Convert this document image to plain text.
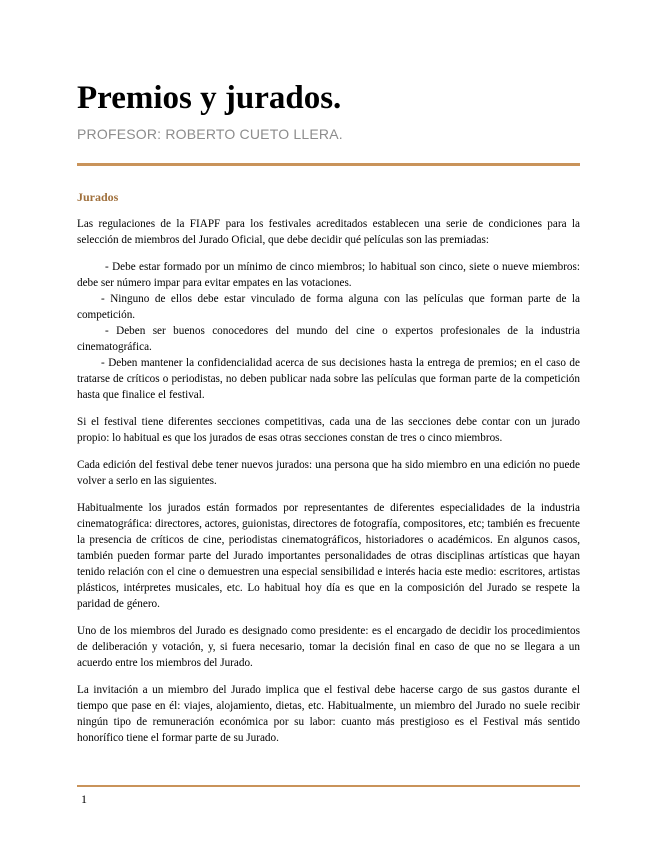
Premios y jurados.
PROFESOR: ROBERTO CUETO LLERA.
Jurados

Las regulaciones de la FIAPF para los festivales acreditados establecen una serie de condiciones para la selección de miembros del Jurado Oficial, que debe decidir qué películas son las premiadas:

- Debe estar formado por un mínimo de cinco miembros; lo habitual son cinco, siete o nueve miembros: debe ser número impar para evitar empates en las votaciones.

- Ninguno de ellos debe estar vinculado de forma alguna con las películas que forman parte de la competición.

- Deben ser buenos conocedores del mundo del cine o expertos profesionales de la industria cinematográfica.

- Deben mantener la confidencialidad acerca de sus decisiones hasta la entrega de premios; en el caso de tratarse de críticos o periodistas, no deben publicar nada sobre las películas que forman parte de la competición hasta que finalice el festival.

Si el festival tiene diferentes secciones competitivas, cada una de las secciones debe contar con un jurado propio: lo habitual es que los jurados de esas otras secciones constan de tres o cinco miembros.

Cada edición del festival debe tener nuevos jurados: una persona que ha sido miembro en una edición no puede volver a serlo en las siguientes.

Habitualmente los jurados están formados por representantes de diferentes especialidades de la industria cinematográfica: directores, actores, guionistas, directores de fotografía, compositores, etc; también es frecuente la presencia de críticos de cine, periodistas cinematográficos, historiadores o académicos. En algunos casos, también pueden formar parte del Jurado importantes personalidades de otras disciplinas artísticas que hayan tenido relación con el cine o demuestren una especial sensibilidad e interés hacia este medio: escritores, artistas plásticos, intérpretes musicales, etc. Lo habitual hoy día es que en la composición del Jurado se respete la paridad de género.

Uno de los miembros del Jurado es designado como presidente: es el encargado de decidir los procedimientos de deliberación y votación, y, si fuera necesario, tomar la decisión final en caso de que no se llegara a un acuerdo entre los miembros del Jurado.

La invitación a un miembro del Jurado implica que el festival debe hacerse cargo de sus gastos durante el tiempo que pase en él: viajes, alojamiento, dietas, etc. Habitualmente, un miembro del Jurado no suele recibir ningún tipo de remuneración económica por su labor: cuanto más prestigioso es el Festival más sentido honorífico tiene el formar parte de su Jurado.

1
